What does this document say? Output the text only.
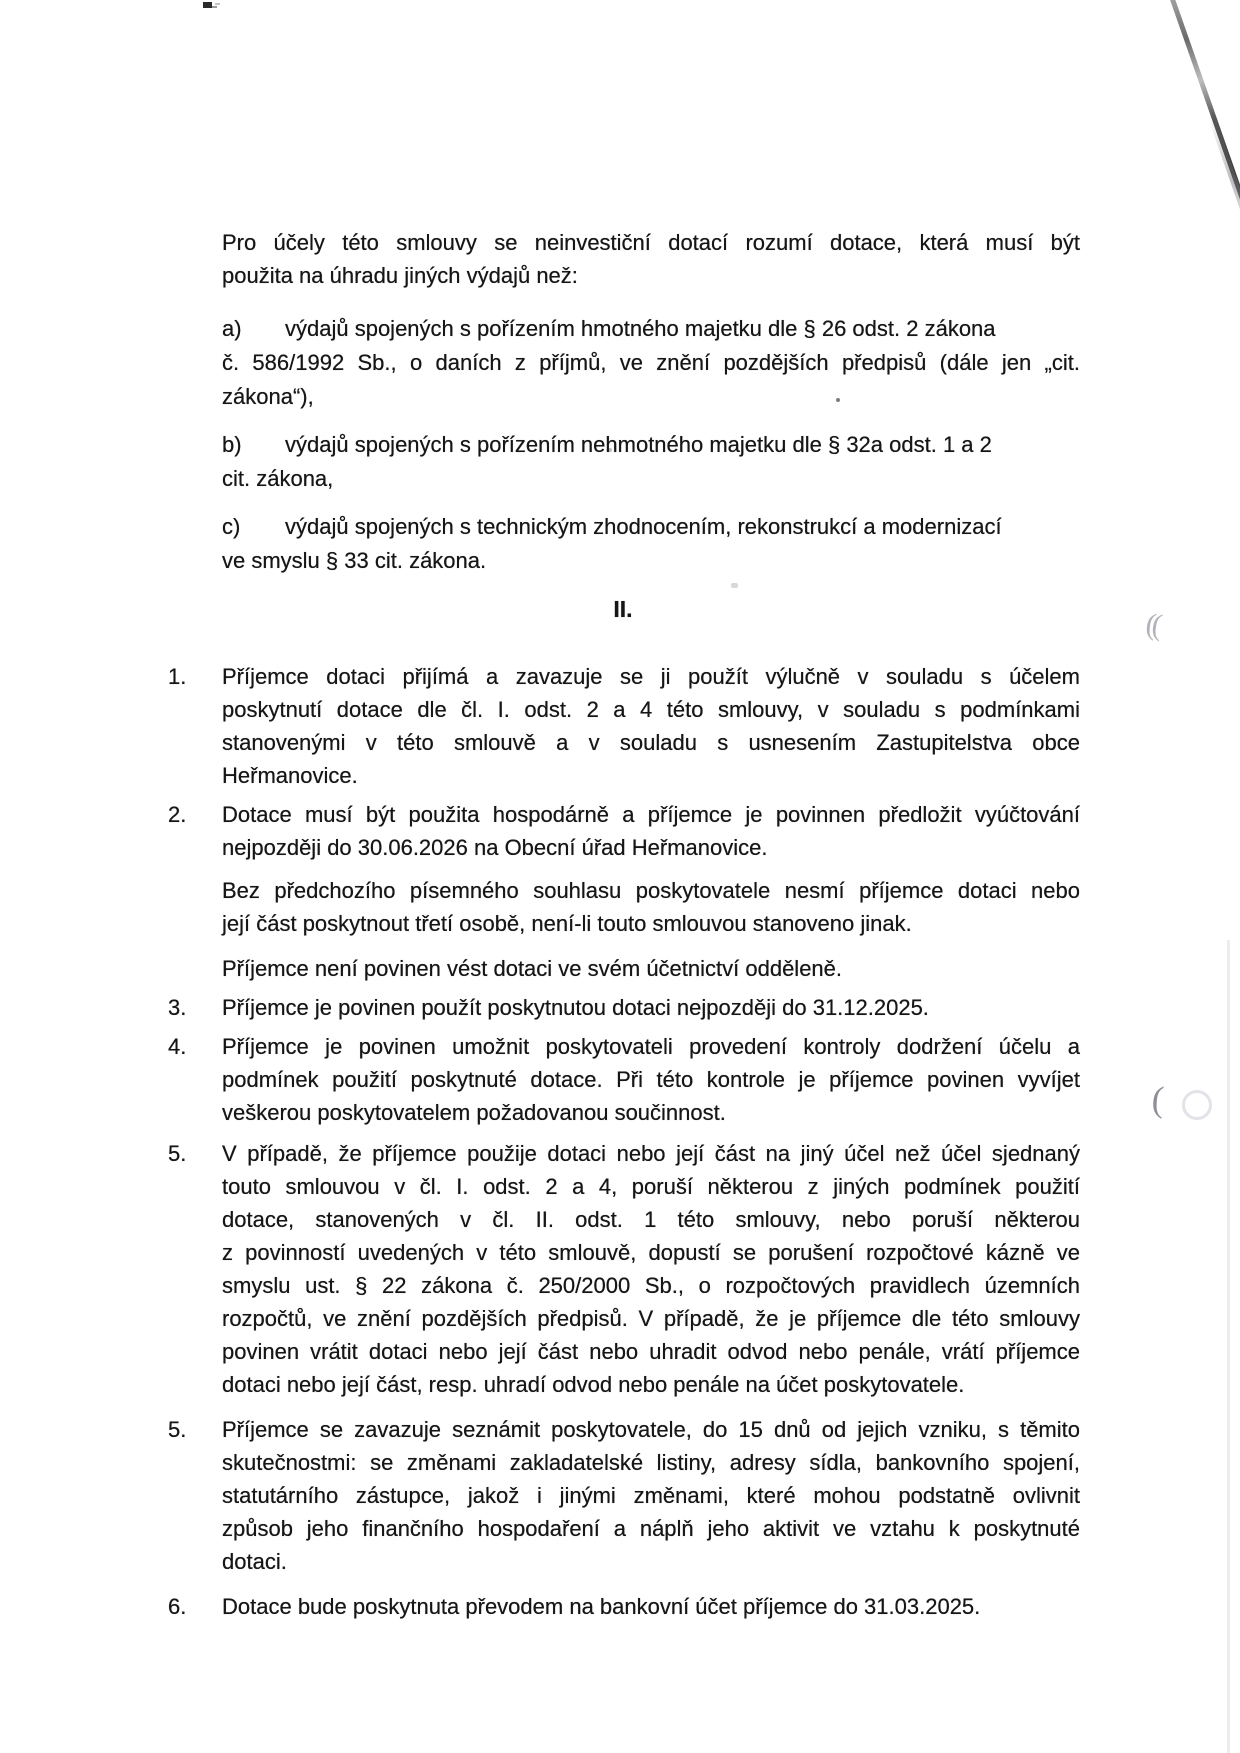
((
(
Pro účely této smlouvy se neinvestiční dotací rozumí dotace, která musí být
použita na úhradu jiných výdajů než:
a) výdajů spojených s pořízením hmotného majetku dle § 26 odst. 2 zákona
č. 586/1992 Sb., o daních z příjmů, ve znění pozdějších předpisů (dále jen „cit.
zákona“),
b) výdajů spojených s pořízením nehmotného majetku dle § 32a odst. 1 a 2
cit. zákona,
c) výdajů spojených s technickým zhodnocením, rekonstrukcí a modernizací
ve smyslu § 33 cit. zákona.
II.
1. Příjemce dotaci přijímá a zavazuje se ji použít výlučně v souladu s účelem
poskytnutí dotace dle čl. I. odst. 2 a 4 této smlouvy, v souladu s podmínkami
stanovenými v této smlouvě a v souladu s usnesením Zastupitelstva obce
Heřmanovice.
2. Dotace musí být použita hospodárně a příjemce je povinnen předložit vyúčtování
nejpozději do 30.06.2026 na Obecní úřad Heřmanovice.
Bez předchozího písemného souhlasu poskytovatele nesmí příjemce dotaci nebo
její část poskytnout třetí osobě, není-li touto smlouvou stanoveno jinak.
Příjemce není povinen vést dotaci ve svém účetnictví odděleně.
3. Příjemce je povinen použít poskytnutou dotaci nejpozději do 31.12.2025.
4. Příjemce je povinen umožnit poskytovateli provedení kontroly dodržení účelu a
podmínek použití poskytnuté dotace. Při této kontrole je příjemce povinen vyvíjet
veškerou poskytovatelem požadovanou součinnost.
5. V případě, že příjemce použije dotaci nebo její část na jiný účel než účel sjednaný
touto smlouvou v čl. I. odst. 2 a 4, poruší některou z jiných podmínek použití
dotace, stanovených v čl. II. odst. 1 této smlouvy, nebo poruší některou
z povinností uvedených v této smlouvě, dopustí se porušení rozpočtové kázně ve
smyslu ust. § 22 zákona č. 250/2000 Sb., o rozpočtových pravidlech územních
rozpočtů, ve znění pozdějších předpisů. V případě, že je příjemce dle této smlouvy
povinen vrátit dotaci nebo její část nebo uhradit odvod nebo penále, vrátí příjemce
dotaci nebo její část, resp. uhradí odvod nebo penále na účet poskytovatele.
5. Příjemce se zavazuje seznámit poskytovatele, do 15 dnů od jejich vzniku, s těmito
skutečnostmi: se změnami zakladatelské listiny, adresy sídla, bankovního spojení,
statutárního zástupce, jakož i jinými změnami, které mohou podstatně ovlivnit
způsob jeho finančního hospodaření a náplň jeho aktivit ve vztahu k poskytnuté
dotaci.
6. Dotace bude poskytnuta převodem na bankovní účet příjemce do 31.03.2025.
